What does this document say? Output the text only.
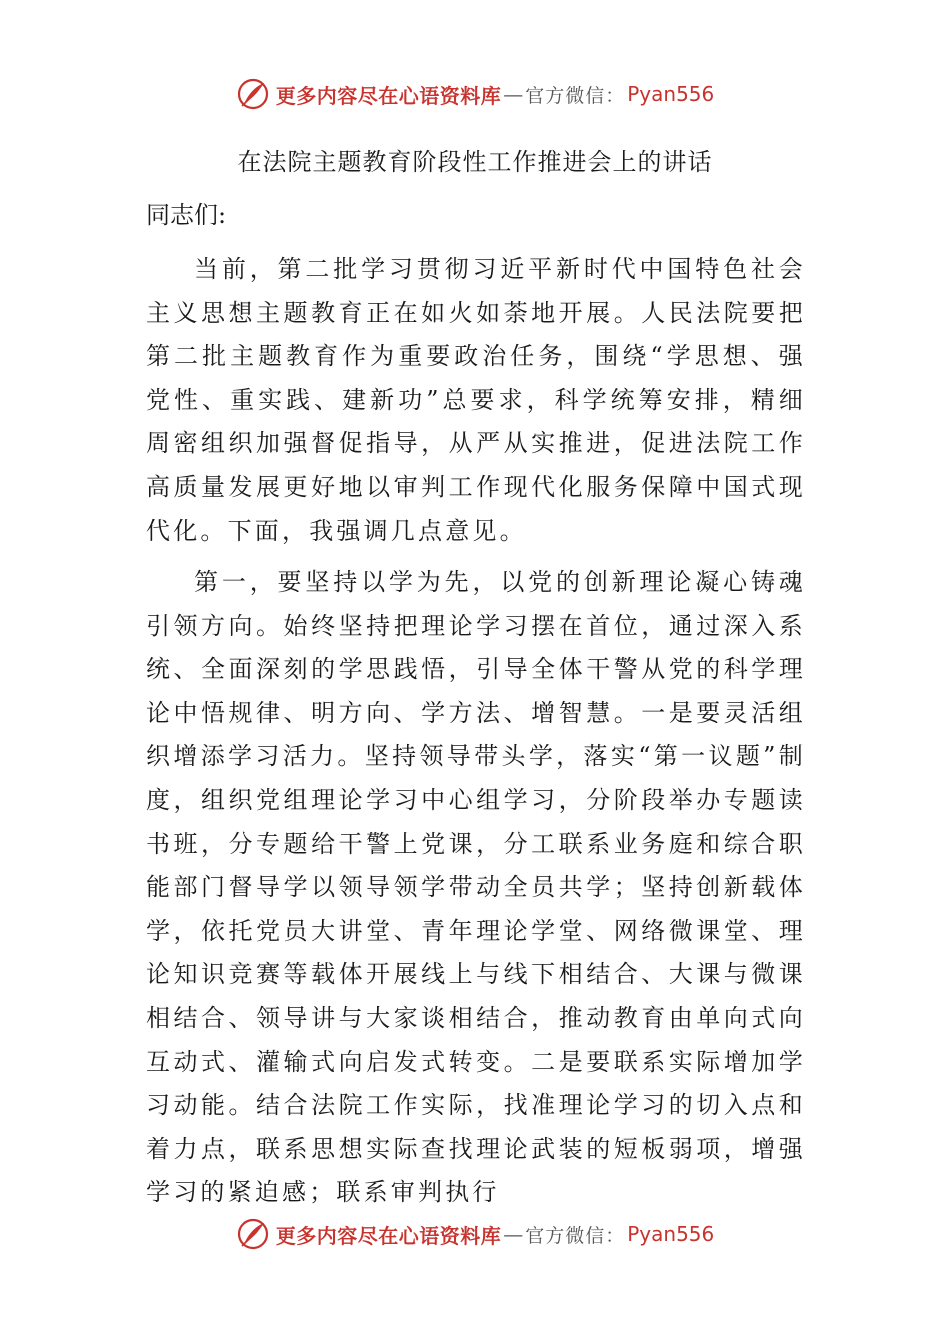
更多内容尽在心语资料库 — 官方微信： Pyan556
在法院主题教育阶段性工作推进会上的讲话
同志们:

当前，第二批学习贯彻习近平新时代中国特色社会主义思想主题教育正在如火如荼地开展。人民法院要把第二批主题教育作为重要政治任务，围绕“学思想、强党性、重实践、建新功”总要求，科学统筹安排，精细周密组织加强督促指导，从严从实推进，促进法院工作高质量发展更好地以审判工作现代化服务保障中国式现代化。下面，我强调几点意见。

第一，要坚持以学为先，以党的创新理论凝心铸魂引领方向。始终坚持把理论学习摆在首位，通过深入系统、全面深刻的学思践悟，引导全体干警从党的科学理论中悟规律、明方向、学方法、增智慧。一是要灵活组织增添学习活力。坚持领导带头学，落实“第一议题”制度，组织党组理论学习中心组学习，分阶段举办专题读书班，分专题给干警上党课，分工联系业务庭和综合职能部门督导学以领导领学带动全员共学；坚持创新载体学，依托党员大讲堂、青年理论学堂、网络微课堂、理论知识竞赛等载体开展线上与线下相结合、大课与微课相结合、领导讲与大家谈相结合，推动教育由单向式向互动式、灌输式向启发式转变。二是要联系实际增加学习动能。结合法院工作实际，找准理论学习的切入点和着力点，联系思想实际查找理论武装的短板弱项，增强学习的紧迫感；联系审判执行

更多内容尽在心语资料库 — 官方微信： Pyan556
